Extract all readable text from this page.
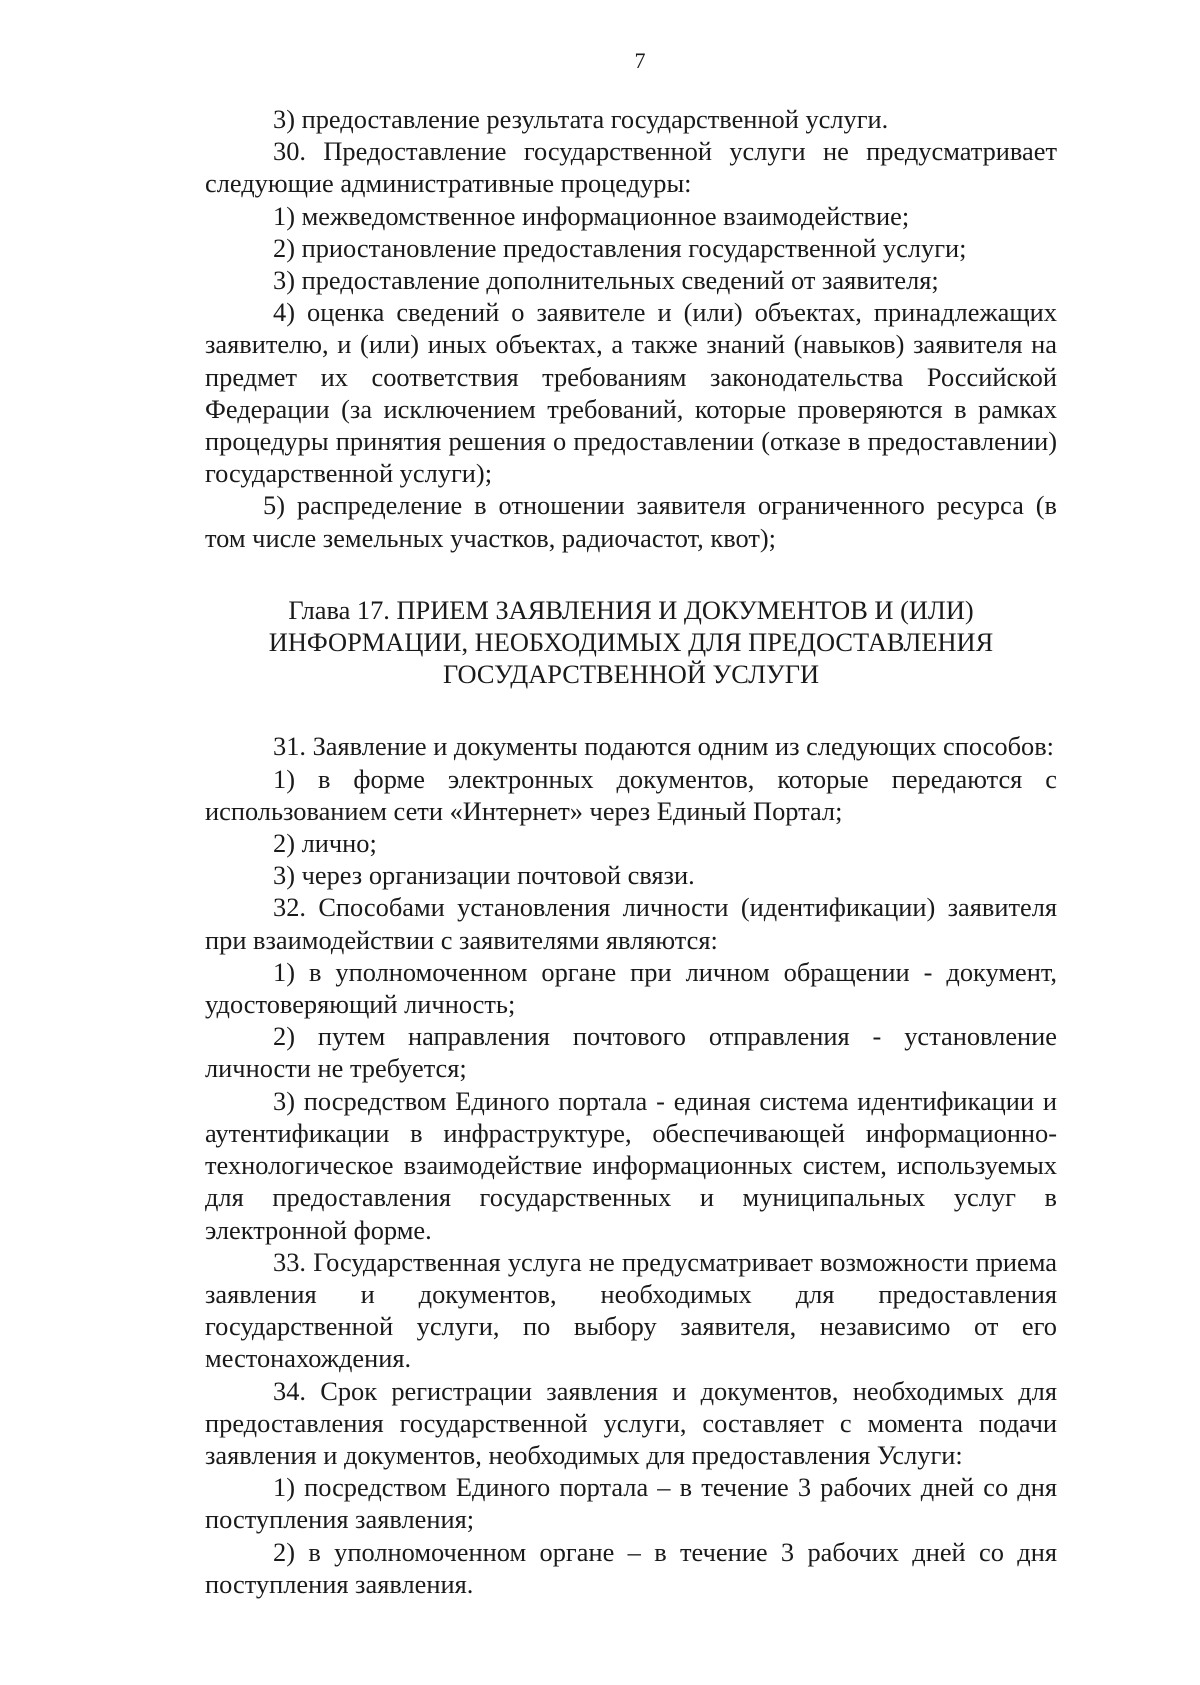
7

3) предоставление результата государственной услуги.

30. Предоставление государственной услуги не предусматривает следующие административные процедуры:

1) межведомственное информационное взаимодействие;

2) приостановление предоставления государственной услуги;

3) предоставление дополнительных сведений от заявителя;

4) оценка сведений о заявителе и (или) объектах, принадлежащих заявителю, и (или) иных объектах, а также знаний (навыков) заявителя на предмет их соответствия требованиям законодательства Российской Федерации (за исключением требований, которые проверяются в рамках процедуры принятия решения о предоставлении (отказе в предоставлении) государственной услуги);

5) распределение в отношении заявителя ограниченного ресурса (в том числе земельных участков, радиочастот, квот);

Глава 17. ПРИЕМ ЗАЯВЛЕНИЯ И ДОКУМЕНТОВ И (ИЛИ)
ИНФОРМАЦИИ, НЕОБХОДИМЫХ ДЛЯ ПРЕДОСТАВЛЕНИЯ
ГОСУДАРСТВЕННОЙ УСЛУГИ

31. Заявление и документы подаются одним из следующих способов:

1) в форме электронных документов, которые передаются с использованием сети «Интернет» через Единый Портал;

2) лично;

3) через организации почтовой связи.

32. Способами установления личности (идентификации) заявителя при взаимодействии с заявителями являются:

1) в уполномоченном органе при личном обращении - документ, удостоверяющий личность;

2) путем направления почтового отправления - установление личности не требуется;

3) посредством Единого портала - единая система идентификации и аутентификации в инфраструктуре, обеспечивающей информационно-технологическое взаимодействие информационных систем, используемых для предоставления государственных и муниципальных услуг в электронной форме.

33. Государственная услуга не предусматривает возможности приема заявления и документов, необходимых для предоставления государственной услуги, по выбору заявителя, независимо от его местонахождения.

34. Срок регистрации заявления и документов, необходимых для предоставления государственной услуги, составляет с момента подачи заявления и документов, необходимых для предоставления Услуги:

1) посредством Единого портала – в течение 3 рабочих дней со дня поступления заявления;

2) в уполномоченном органе – в течение 3 рабочих дней со дня поступления заявления.
